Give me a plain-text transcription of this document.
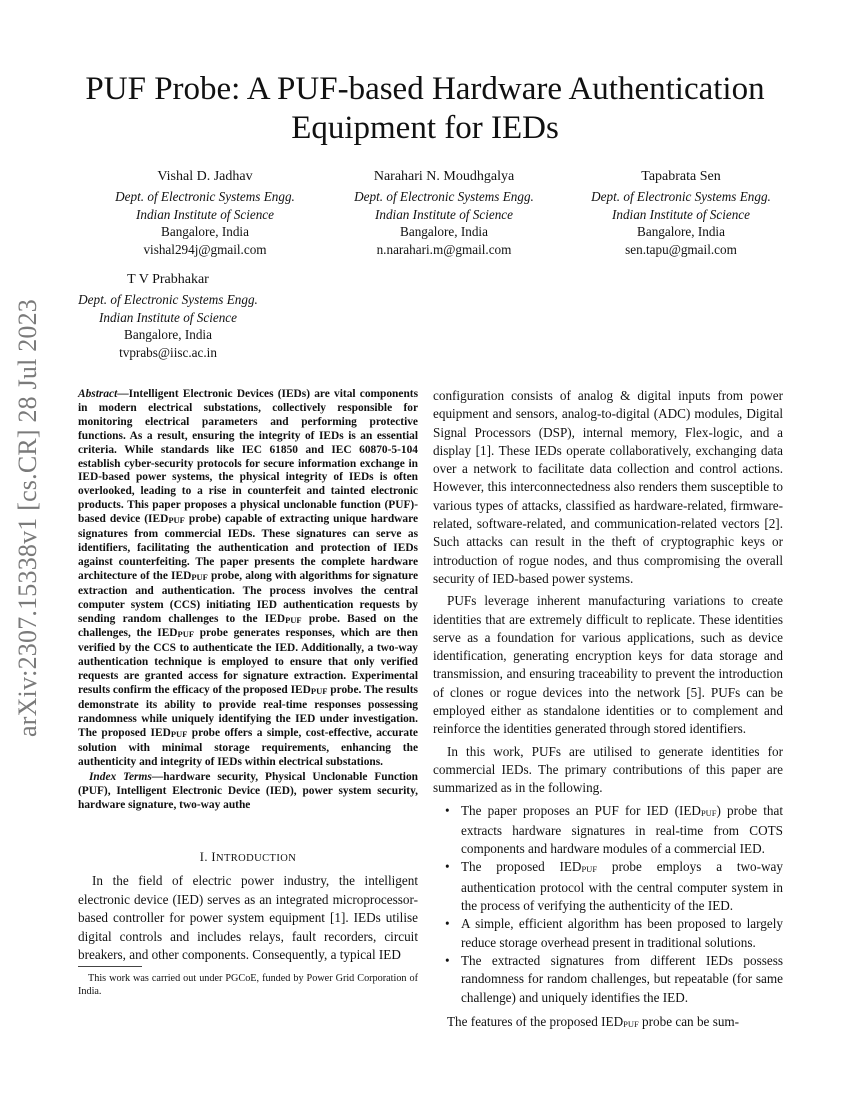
arXiv:2307.15338v1 [cs.CR] 28 Jul 2023
PUF Probe: A PUF-based Hardware Authentication
Equipment for IEDs
Vishal D. Jadhav
Dept. of Electronic Systems Engg.
Indian Institute of Science
Bangalore, India
vishal294j@gmail.com
Narahari N. Moudhgalya
Dept. of Electronic Systems Engg.
Indian Institute of Science
Bangalore, India
n.narahari.m@gmail.com
Tapabrata Sen
Dept. of Electronic Systems Engg.
Indian Institute of Science
Bangalore, India
sen.tapu@gmail.com
T V Prabhakar
Dept. of Electronic Systems Engg.
Indian Institute of Science
Bangalore, India
tvprabs@iisc.ac.in

Abstract—Intelligent Electronic Devices (IEDs) are vital components in modern electrical substations, collectively responsible for monitoring electrical parameters and performing protective functions. As a result, ensuring the integrity of IEDs is an essential criteria. While standards like IEC 61850 and IEC 60870-5-104 establish cyber-security protocols for secure information exchange in IED-based power systems, the physical integrity of IEDs is often overlooked, leading to a rise in counterfeit and tainted electronic products. This paper proposes a physical unclonable function (PUF)-based device (IEDPUF probe) capable of extracting unique hardware signatures from commercial IEDs. These signatures can serve as identifiers, facilitating the authentication and protection of IEDs against counterfeiting. The paper presents the complete hardware architecture of the IEDPUF probe, along with algorithms for signature extraction and authentication. The process involves the central computer system (CCS) initiating IED authentication requests by sending random challenges to the IEDPUF probe. Based on the challenges, the IEDPUF probe generates responses, which are then verified by the CCS to authenticate the IED. Additionally, a two-way authentication technique is employed to ensure that only verified requests are granted access for signature extraction. Experimental results confirm the efficacy of the proposed IEDPUF probe. The results demonstrate its ability to provide real-time responses possessing randomness while uniquely identifying the IED under investigation. The proposed IEDPUF probe offers a simple, cost-effective, accurate solution with minimal storage requirements, enhancing the authenticity and integrity of IEDs within electrical substations.

Index Terms—hardware security, Physical Unclonable Function (PUF), Intelligent Electronic Device (IED), power system security, hardware signature, two-way authe

I. INTRODUCTION

In the field of electric power industry, the intelligent electronic device (IED) serves as an integrated microprocessor-based controller for power system equipment [1]. IEDs utilise digital controls and includes relays, fault recorders, circuit breakers, and other components. Consequently, a typical IED

This work was carried out under PGCoE, funded by Power Grid Corporation of India.

configuration consists of analog & digital inputs from power equipment and sensors, analog-to-digital (ADC) modules, Digital Signal Processors (DSP), internal memory, Flex-logic, and a display [1]. These IEDs operate collaboratively, exchanging data over a network to facilitate data collection and control actions. However, this interconnectedness also renders them susceptible to various types of attacks, classified as hardware-related, firmware-related, software-related, and communication-related vectors [2]. Such attacks can result in the theft of cryptographic keys or introduction of rogue nodes, and thus compromising the overall security of IED-based power systems.

PUFs leverage inherent manufacturing variations to create identities that are extremely difficult to replicate. These identities serve as a foundation for various applications, such as device identification, generating encryption keys for data storage and transmission, and ensuring traceability to prevent the introduction of clones or rogue devices into the network [5]. PUFs can be employed either as standalone identities or to complement and reinforce the identities generated through stored identifiers.

In this work, PUFs are utilised to generate identities for commercial IEDs. The primary contributions of this paper are summarized as in the following.

• The paper proposes an PUF for IED (IEDPUF) probe that extracts hardware signatures in real-time from COTS components and hardware modules of a commercial IED.
• The proposed IEDPUF probe employs a two-way authentication protocol with the central computer system in the process of verifying the authenticity of the IED.
• A simple, efficient algorithm has been proposed to largely reduce storage overhead present in traditional solutions.
• The extracted signatures from different IEDs possess randomness for random challenges, but repeatable (for same challenge) and uniquely identifies the IED.

The features of the proposed IEDPUF probe can be sum-
